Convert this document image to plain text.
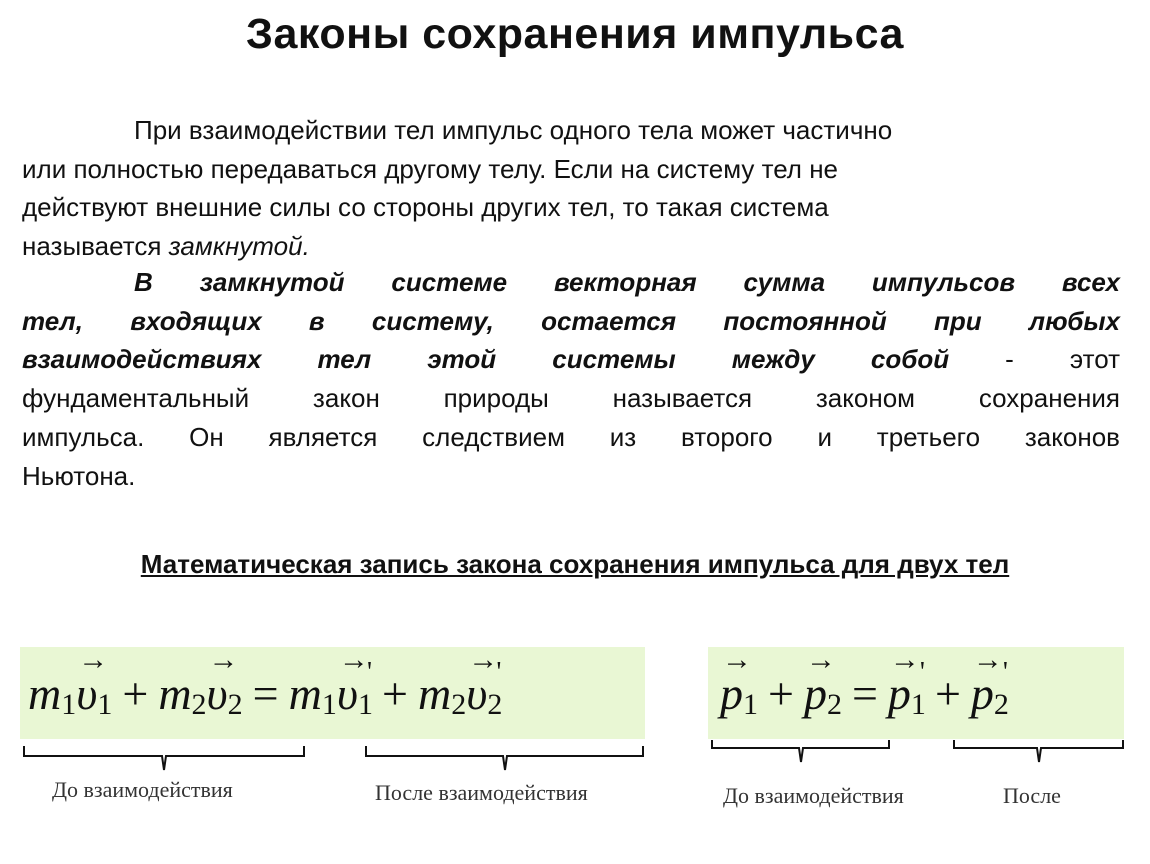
Законы сохранения импульса
При взаимодействии тел импульс одного тела может частично
или полностью передаваться другому телу. Если на систему тел не
действуют внешние силы со стороны других тел, то такая система
называется замкнутой.
В замкнутой системе векторная сумма импульсов всех
тел, входящих в систему, остается постоянной при любых
взаимодействиях тел этой системы между собой - этот
фундаментальный закон природы называется законом сохранения
импульса. Он является следствием из второго и третьего законов
Ньютона.
Математическая запись закона сохранения импульса для двух тел
m 1 → υ 1 + m 2 → υ 2 = m 1 → υ 1
' + m 2 → υ 2
'	→ p 1 + → p 2 = → p 1
' + → p 2
'
До взаимодействия	После взаимодействия	До взаимодействия	После
